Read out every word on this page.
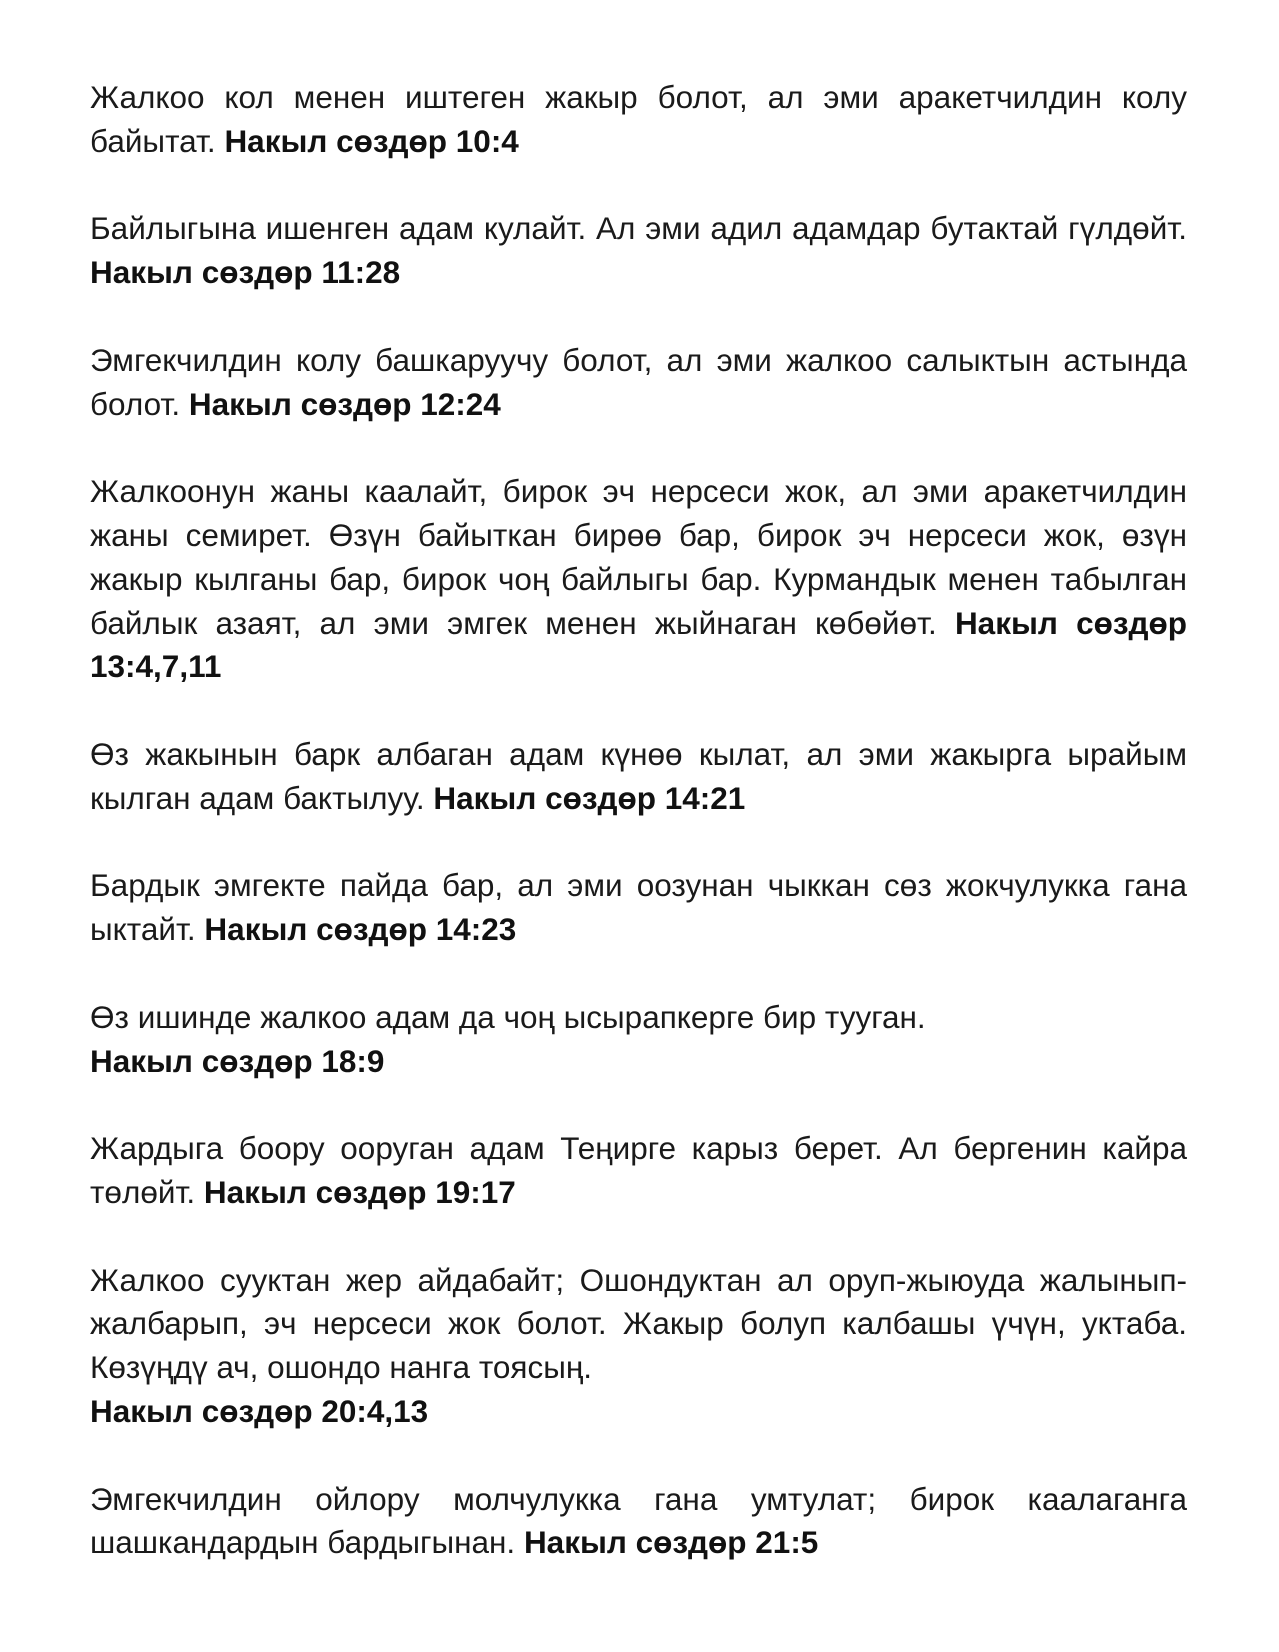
Жалкоо кол менен иштеген жакыр болот, ал эми аракетчилдин колу байытат. Накыл сөздөр 10:4

Байлыгына ишенген адам кулайт. Ал эми адил адамдар бутактай гүлдөйт. Накыл сөздөр 11:28

Эмгекчилдин колу башкаруучу болот, ал эми жалкоо салыктын астында болот. Накыл сөздөр 12:24

Жалкоонун жаны каалайт, бирок эч нерсеси жок, ал эми аракетчилдин жаны семирет. Өзүн байыткан бирөө бар, бирок эч нерсеси жок, өзүн жакыр кылганы бар, бирок чоң байлыгы бар. Курмандык менен табылган байлык азаят, ал эми эмгек менен жыйнаган көбөйөт. Накыл сөздөр 13:4,7,11

Өз жакынын барк албаган адам күнөө кылат, ал эми жакырга ырайым кылган адам бактылуу. Накыл сөздөр 14:21

Бардык эмгекте пайда бар, ал эми оозунан чыккан сөз жокчулукка гана ыктайт. Накыл сөздөр 14:23

Өз ишинде жалкоо адам да чоң ысырапкерге бир тууган.
Накыл сөздөр 18:9

Жардыга боору ооруган адам Теңирге карыз берет. Ал бергенин кайра төлөйт. Накыл сөздөр 19:17

Жалкоо сууктан жер айдабайт; Ошондуктан ал оруп-жыюуда жалынып-жалбарып, эч нерсеси жок болот. Жакыр болуп калбашы үчүн, уктаба. Көзүңдү ач, ошондо нанга тоясың.
Накыл сөздөр 20:4,13

Эмгекчилдин ойлору молчулукка гана умтулат; бирок каалаганга шашкандардын бардыгынан. Накыл сөздөр 21:5
